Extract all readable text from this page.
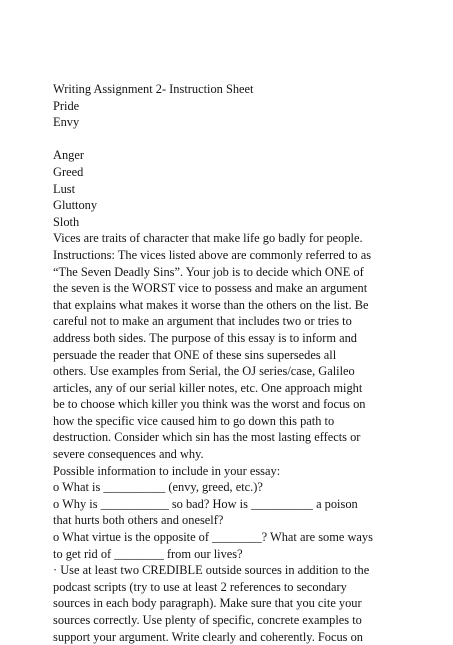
Writing Assignment 2- Instruction Sheet
Pride
Envy
Anger
Greed
Lust
Gluttony
Sloth
Vices are traits of character that make life go badly for people.
Instructions: The vices listed above are commonly referred to as
“The Seven Deadly Sins”. Your job is to decide which ONE of
the seven is the WORST vice to possess and make an argument
that explains what makes it worse than the others on the list. Be
careful not to make an argument that includes two or tries to
address both sides. The purpose of this essay is to inform and
persuade the reader that ONE of these sins supersedes all
others. Use examples from Serial, the OJ series/case, Galileo
articles, any of our serial killer notes, etc. One approach might
be to choose which killer you think was the worst and focus on
how the specific vice caused him to go down this path to
destruction. Consider which sin has the most lasting effects or
severe consequences and why.
Possible information to include in your essay:
o What is __________ (envy, greed, etc.)?
o Why is ___________ so bad? How is __________ a poison
that hurts both others and oneself?
o What virtue is the opposite of ________? What are some ways
to get rid of ________ from our lives?
· Use at least two CREDIBLE outside sources in addition to the
podcast scripts (try to use at least 2 references to secondary
sources in each body paragraph). Make sure that you cite your
sources correctly. Use plenty of specific, concrete examples to
support your argument. Write clearly and coherently. Focus on
